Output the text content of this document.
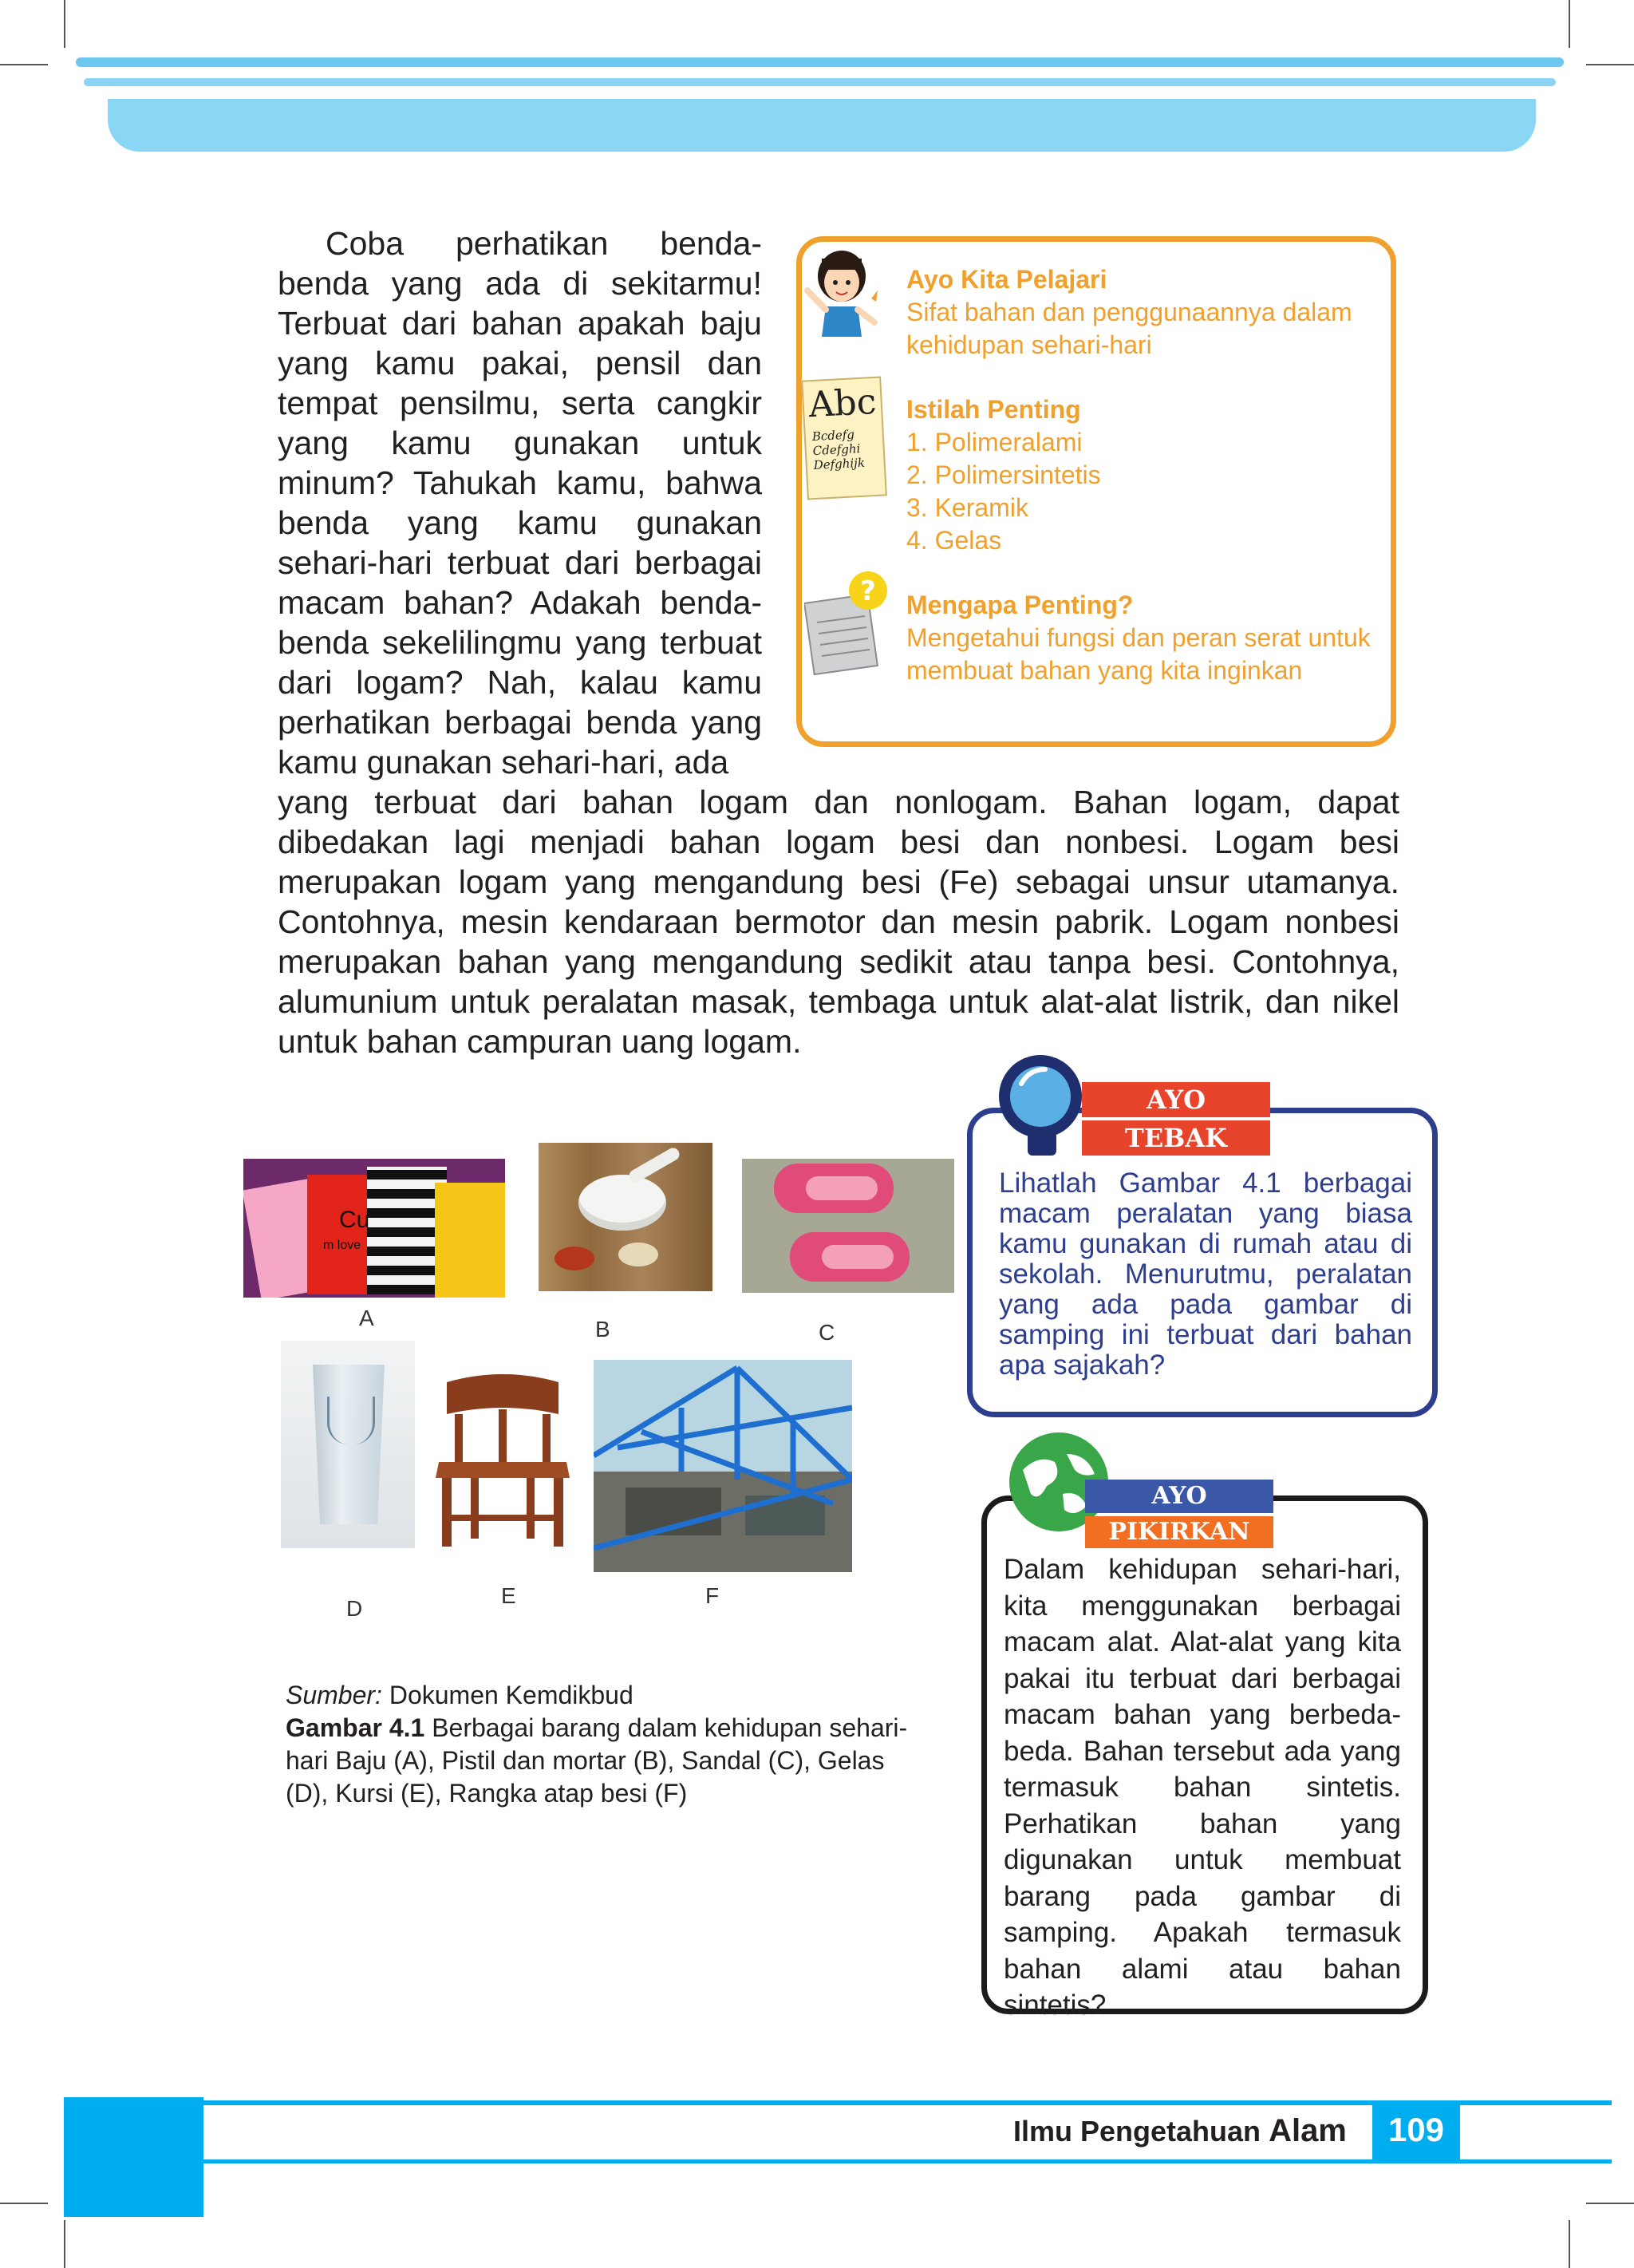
Coba perhatikan benda-benda yang ada di sekitarmu! Terbuat dari bahan apakah baju yang kamu pakai, pensil dan tempat pensilmu, serta cangkir yang kamu gunakan untuk minum? Tahukah kamu, bahwa benda yang kamu gunakan sehari-hari terbuat dari berbagai macam bahan? Adakah benda-benda sekelilingmu yang terbuat dari logam? Nah, kalau kamu perhatikan berbagai benda yang kamu gunakan sehari-hari, ada

yang terbuat dari bahan logam dan nonlogam. Bahan logam, dapat dibedakan lagi menjadi bahan logam besi dan nonbesi. Logam besi merupakan logam yang mengandung besi (Fe) sebagai unsur utamanya. Contohnya, mesin kendaraan bermotor dan mesin pabrik. Logam nonbesi merupakan bahan yang mengandung sedikit atau tanpa besi. Contohnya, alumunium untuk peralatan masak, tembaga untuk alat-alat listrik, dan nikel untuk bahan campuran uang logam.

Abc
Bcdefg
Cdefghi
Defghijk
?
Ayo Kita Pelajari
Sifat bahan dan penggunaannya dalam kehidupan sehari-hari
Istilah Penting
1. Polimeralami
2. Polimersintetis
3. Keramik
4. Gelas
Mengapa Penting?
Mengetahui fungsi dan peran serat untuk membuat bahan yang kita inginkan
Cu
m love
A	B	C
D
E	F
Sumber: Dokumen Kemdikbud
Gambar 4.1 Berbagai barang dalam kehidupan sehari-hari Baju (A), Pistil dan mortar (B), Sandal (C), Gelas (D), Kursi (E), Rangka atap besi (F)
AYO
TEBAK
Lihatlah Gambar 4.1 berbagai macam peralatan yang biasa kamu gunakan di rumah atau di sekolah. Menurutmu, peralatan yang ada pada gambar di samping ini terbuat dari bahan apa sajakah?
AYO
PIKIRKAN
Dalam kehidupan sehari-hari, kita menggunakan berbagai macam alat. Alat-alat yang kita pakai itu terbuat dari berbagai macam bahan yang berbeda-beda. Bahan tersebut ada yang termasuk bahan sintetis. Perhatikan bahan yang digunakan untuk membuat barang pada gambar di samping. Apakah termasuk bahan alami atau bahan sintetis?
Ilmu Pengetahuan Alam	109
